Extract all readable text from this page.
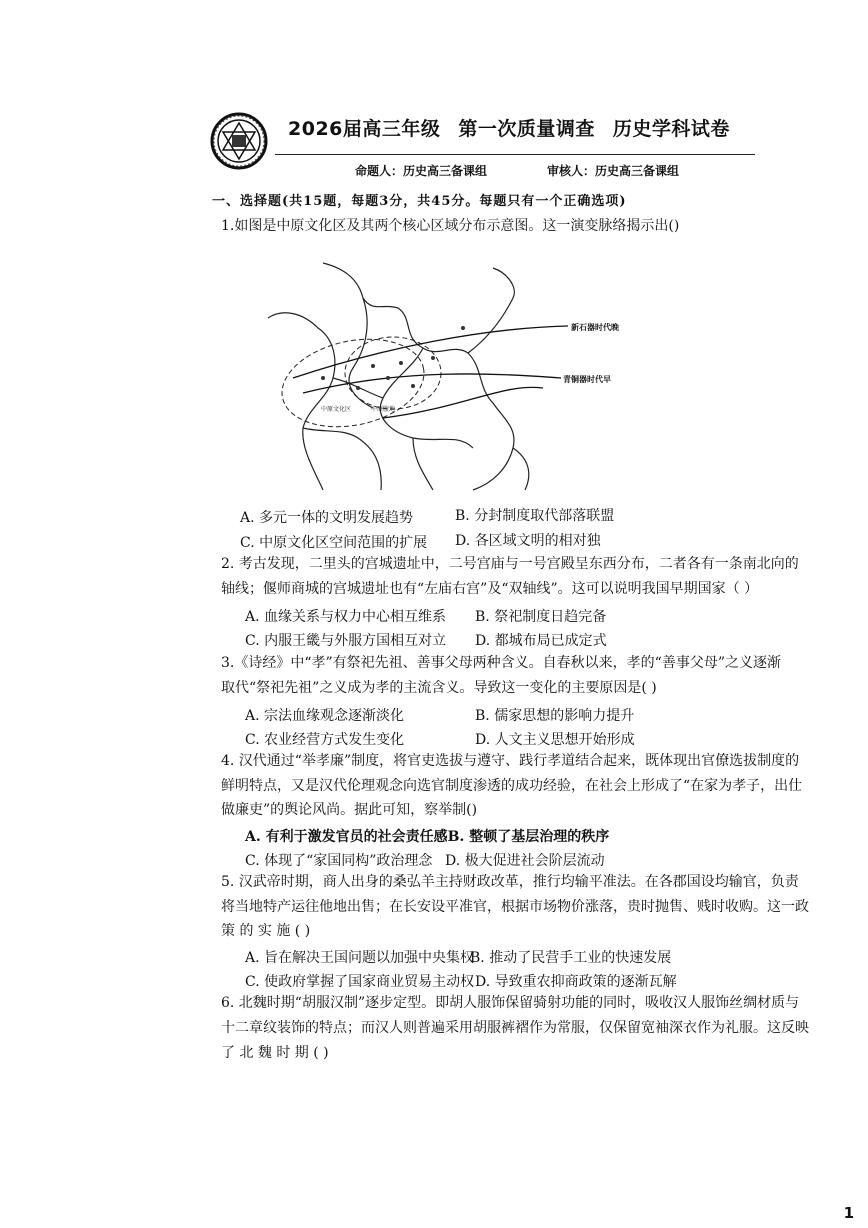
2026届高三年级 第一次质量调查 历史学科试卷
命题人：历史高三备课组	审核人：历史高三备课组
一、选择题(共15题，每题3分，共45分。每题只有一个正确选项)
1.如图是中原文化区及其两个核心区域分布示意图。这一演变脉络揭示出()
新石器时代晚
青铜器时代早
中原文化区	中原腹地
A. 多元一体的文明发展趋势	B. 分封制度取代部落联盟
C. 中原文化区空间范围的扩展 D. 各区域文明的相对独
2. 考古发现，二里头的宫城遗址中，二号宫庙与一号宫殿呈东西分布，二者各有一条南北向的
轴线；偃师商城的宫城遗址也有“左庙右宫”及“双轴线”。这可以说明我国早期国家（ ）
A. 血缘关系与权力中心相互维系 B. 祭祀制度日趋完备
C. 内服王畿与外服方国相互对立 D. 都城布局已成定式
3.《诗经》中“孝”有祭祀先祖、善事父母两种含义。自春秋以来，孝的“善事父母”之义逐渐
取代“祭祀先祖”之义成为孝的主流含义。导致这一变化的主要原因是( )
A. 宗法血缘观念逐渐淡化	B. 儒家思想的影响力提升
C. 农业经营方式发生变化	D. 人文主义思想开始形成
4. 汉代通过“举孝廉”制度，将官吏选拔与遵守、践行孝道结合起来，既体现出官僚选拔制度的
鲜明特点，又是汉代伦理观念向选官制度渗透的成功经验，在社会上形成了“在家为孝子，出仕
做廉吏”的舆论风尚。据此可知，察举制()
A. 有利于激发官员的社会责任感B. 整顿了基层治理的秩序
C. 体现了“家国同构”政治理念 D. 极大促进社会阶层流动
5. 汉武帝时期，商人出身的桑弘羊主持财政改革，推行均输平准法。在各郡国设均输官，负责
将当地特产运往他地出售；在长安设平准官，根据市场物价涨落，贵时抛售、贱时收购。这一政
策 的 实 施 ( )
A. 旨在解决王国问题以加强中央集权
B. 推动了民营手工业的快速发展
C. 使政府掌握了国家商业贸易主动权 D. 导致重农抑商政策的逐渐瓦解
6. 北魏时期“胡服汉制”逐步定型。即胡人服饰保留骑射功能的同时，吸收汉人服饰丝绸材质与
十二章纹装饰的特点；而汉人则普遍采用胡服裤褶作为常服，仅保留宽袖深衣作为礼服。这反映
了 北 魏 时 期 ( )
1
